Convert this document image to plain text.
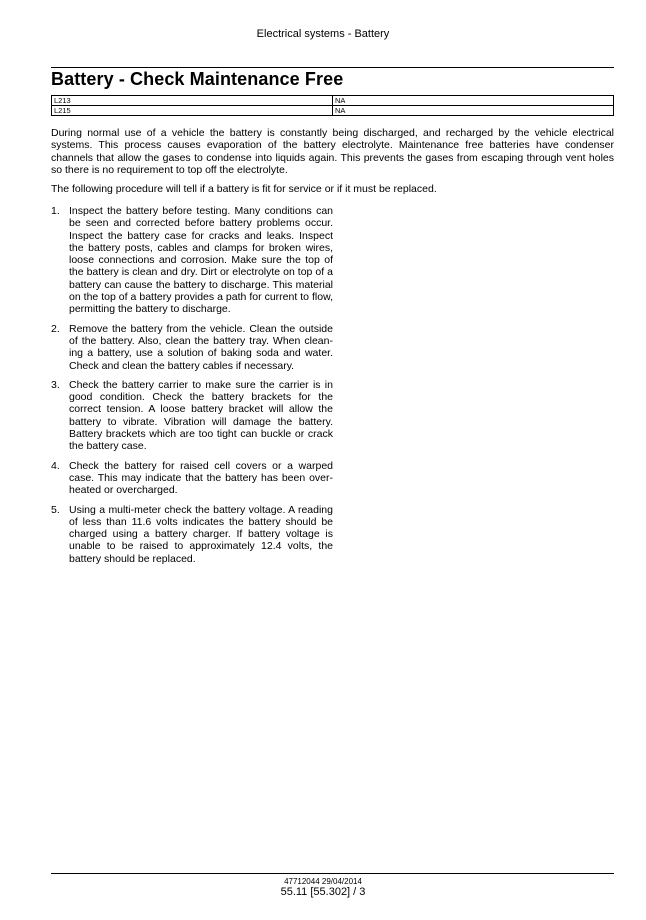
Electrical systems - Battery
Battery - Check Maintenance Free
L213	NA
L215	NA

During normal use of a vehicle the battery is constantly being discharged, and recharged by the vehicle electrical systems. This process causes evaporation of the battery electrolyte. Maintenance free batteries have condenser channels that allow the gases to condense into liquids again. This prevents the gases from escaping through vent holes so there is no requirement to top off the electrolyte.

The following procedure will tell if a battery is fit for service or if it must be replaced.

1. Inspect the battery before testing. Many conditions can be seen and corrected before battery problems occur. Inspect the battery case for cracks and leaks. Inspect the battery posts, cables and clamps for broken wires, loose connections and corrosion. Make sure the top of the battery is clean and dry. Dirt or electrolyte on top of a battery can cause the battery to discharge. This material on the top of a battery provides a path for current to flow, permitting the battery to discharge.
2. Remove the battery from the vehicle. Clean the outside of the battery. Also, clean the battery tray. When cleaning a battery, use a solution of baking soda and water. Check and clean the battery cables if necessary.
3. Check the battery carrier to make sure the carrier is in good condition. Check the battery brackets for the correct tension. A loose battery bracket will allow the battery to vibrate. Vibration will damage the battery. Battery brackets which are too tight can buckle or crack the battery case.
4. Check the battery for raised cell covers or a warped case. This may indicate that the battery has been overheated or overcharged.
5. Using a multi-meter check the battery voltage. A reading of less than 11.6 volts indicates the battery should be charged using a battery charger. If battery voltage is unable to be raised to approximately 12.4 volts, the battery should be replaced.
47712044 29/04/2014
55.11 [55.302] / 3
